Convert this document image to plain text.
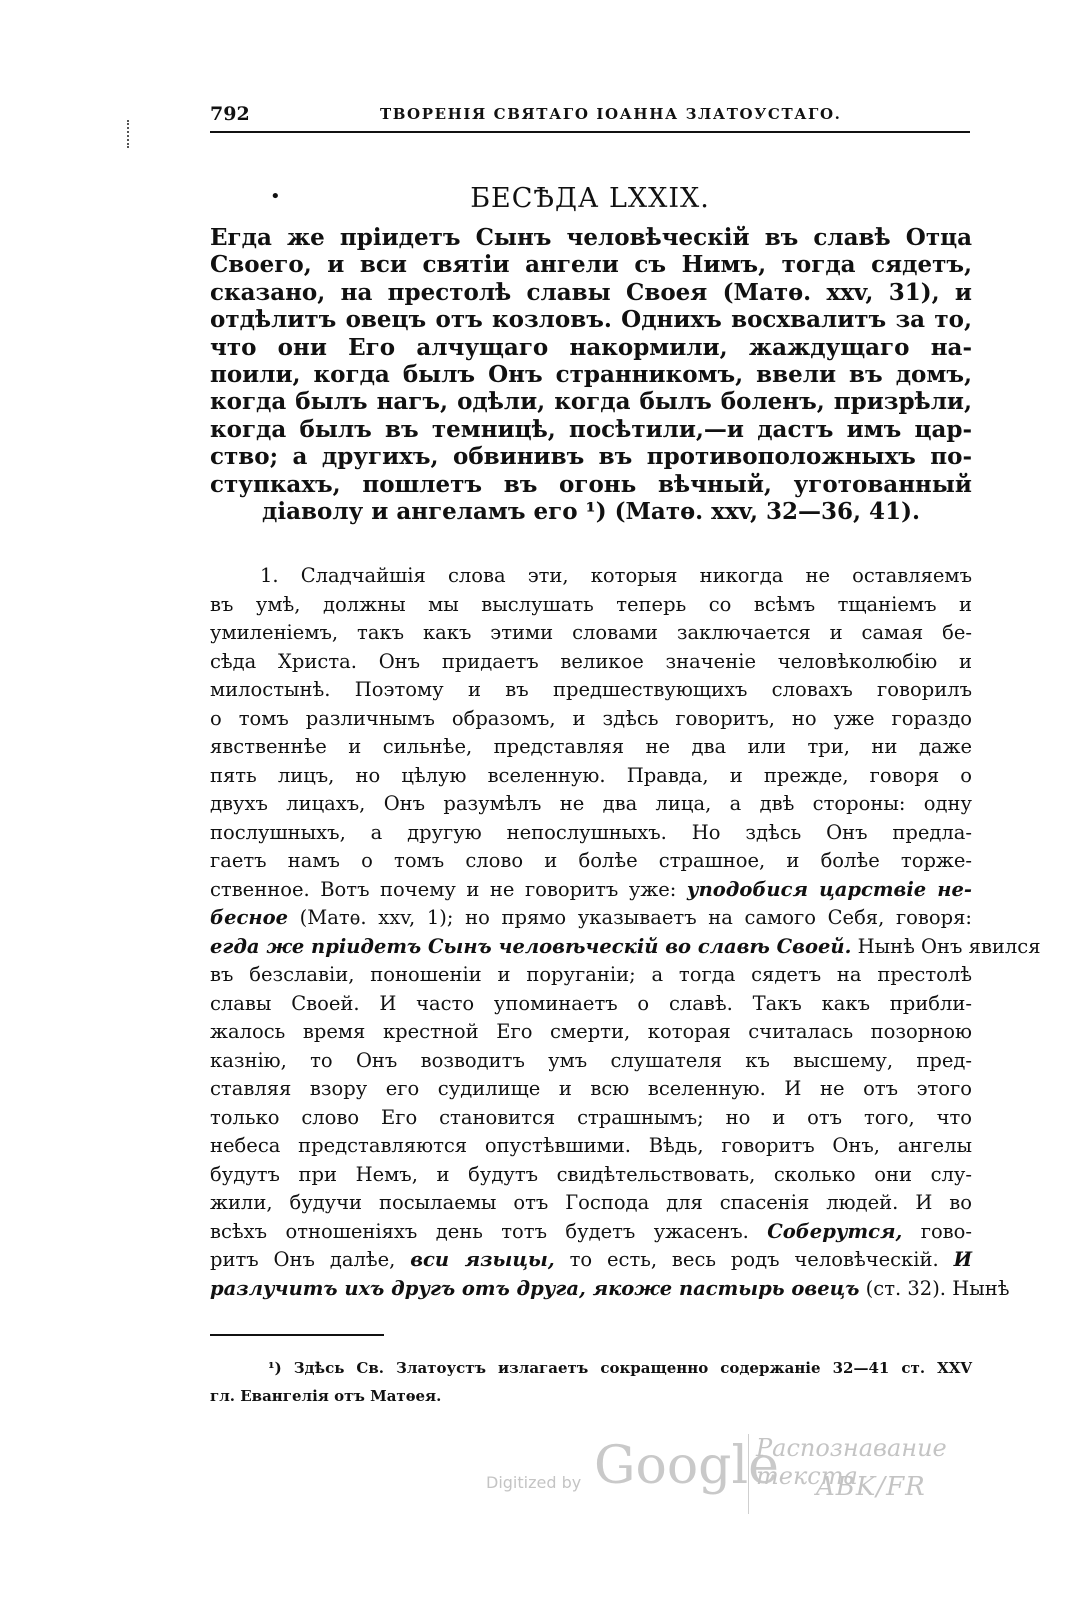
792	ТВОРЕНІЯ СВЯТАГО ІОАННА ЗЛАТОУСТАГО.
•	БЕСѢДА LXXIX.
Егда же пріидетъ Сынъ человѣческій въ славѣ Отца
Своего, и вси святіи ангели съ Нимъ, тогда сядетъ,
сказано, на престолѣ славы Своея (Матѳ. xxv, 31), и
отдѣлитъ овецъ отъ козловъ. Однихъ восхвалитъ за то,
что они Его алчущаго накормили, жаждущаго на-
поили, когда былъ Онъ странникомъ, ввели въ домъ,
когда былъ нагъ, одѣли, когда былъ боленъ, призрѣли,
когда былъ въ темницѣ, посѣтили,—и дастъ имъ цар-
ство; а другихъ, обвинивъ въ противоположныхъ по-
ступкахъ, пошлетъ въ огонь вѣчный, уготованный
діаволу и ангеламъ его ¹) (Матѳ. xxv, 32—36, 41).
1. Сладчайшія слова эти, которыя никогда не оставляемъ
въ умѣ, должны мы выслушать теперь со всѣмъ тщаніемъ и
умиленіемъ, такъ какъ этими словами заключается и самая бе-
сѣда Христа. Онъ придаетъ великое значеніе человѣколюбію и
милостынѣ. Поэтому и въ предшествующихъ словахъ говорилъ
о томъ различнымъ образомъ, и здѣсь говоритъ, но уже гораздо
явственнѣе и сильнѣе, представляя не два или три, ни даже
пять лицъ, но цѣлую вселенную. Правда, и прежде, говоря о
двухъ лицахъ, Онъ разумѣлъ не два лица, а двѣ стороны: одну
послушныхъ, а другую непослушныхъ. Но здѣсь Онъ предла-
гаетъ намъ о томъ слово и болѣе страшное, и болѣе торже-
ственное. Вотъ почему и не говоритъ уже: уподобися царствіе не-
бесное (Матѳ. xxv, 1); но прямо указываетъ на самого Себя, говоря:
егда же пріидетъ Сынъ человѣческій во славѣ Своей. Нынѣ Онъ явился
въ безславіи, поношеніи и поруганіи; а тогда сядетъ на престолѣ
славы Своей. И часто упоминаетъ о славѣ. Такъ какъ прибли-
жалось время крестной Его смерти, которая считалась позорною
казнію, то Онъ возводитъ умъ слушателя къ высшему, пред-
ставляя взору его судилище и всю вселенную. И не отъ этого
только слово Его становится страшнымъ; но и отъ того, что
небеса представляются опустѣвшими. Вѣдь, говоритъ Онъ, ангелы
будутъ при Немъ, и будутъ свидѣтельствовать, сколько они слу-
жили, будучи посылаемы отъ Господа для спасенія людей. И во
всѣхъ отношеніяхъ день тотъ будетъ ужасенъ. Соберутся, гово-
ритъ Онъ далѣе, вси языцы, то есть, весь родъ человѣческій. И
разлучитъ ихъ другъ отъ друга, якоже пастырь овецъ (ст. 32). Нынѣ
¹) Здѣсь Св. Златоустъ излагаетъ сокращенно содержаніе 32—41 ст. XXV
гл. Евангелія отъ Матѳея.
Digitized by Google
Распознавание текста
ABK/FR
